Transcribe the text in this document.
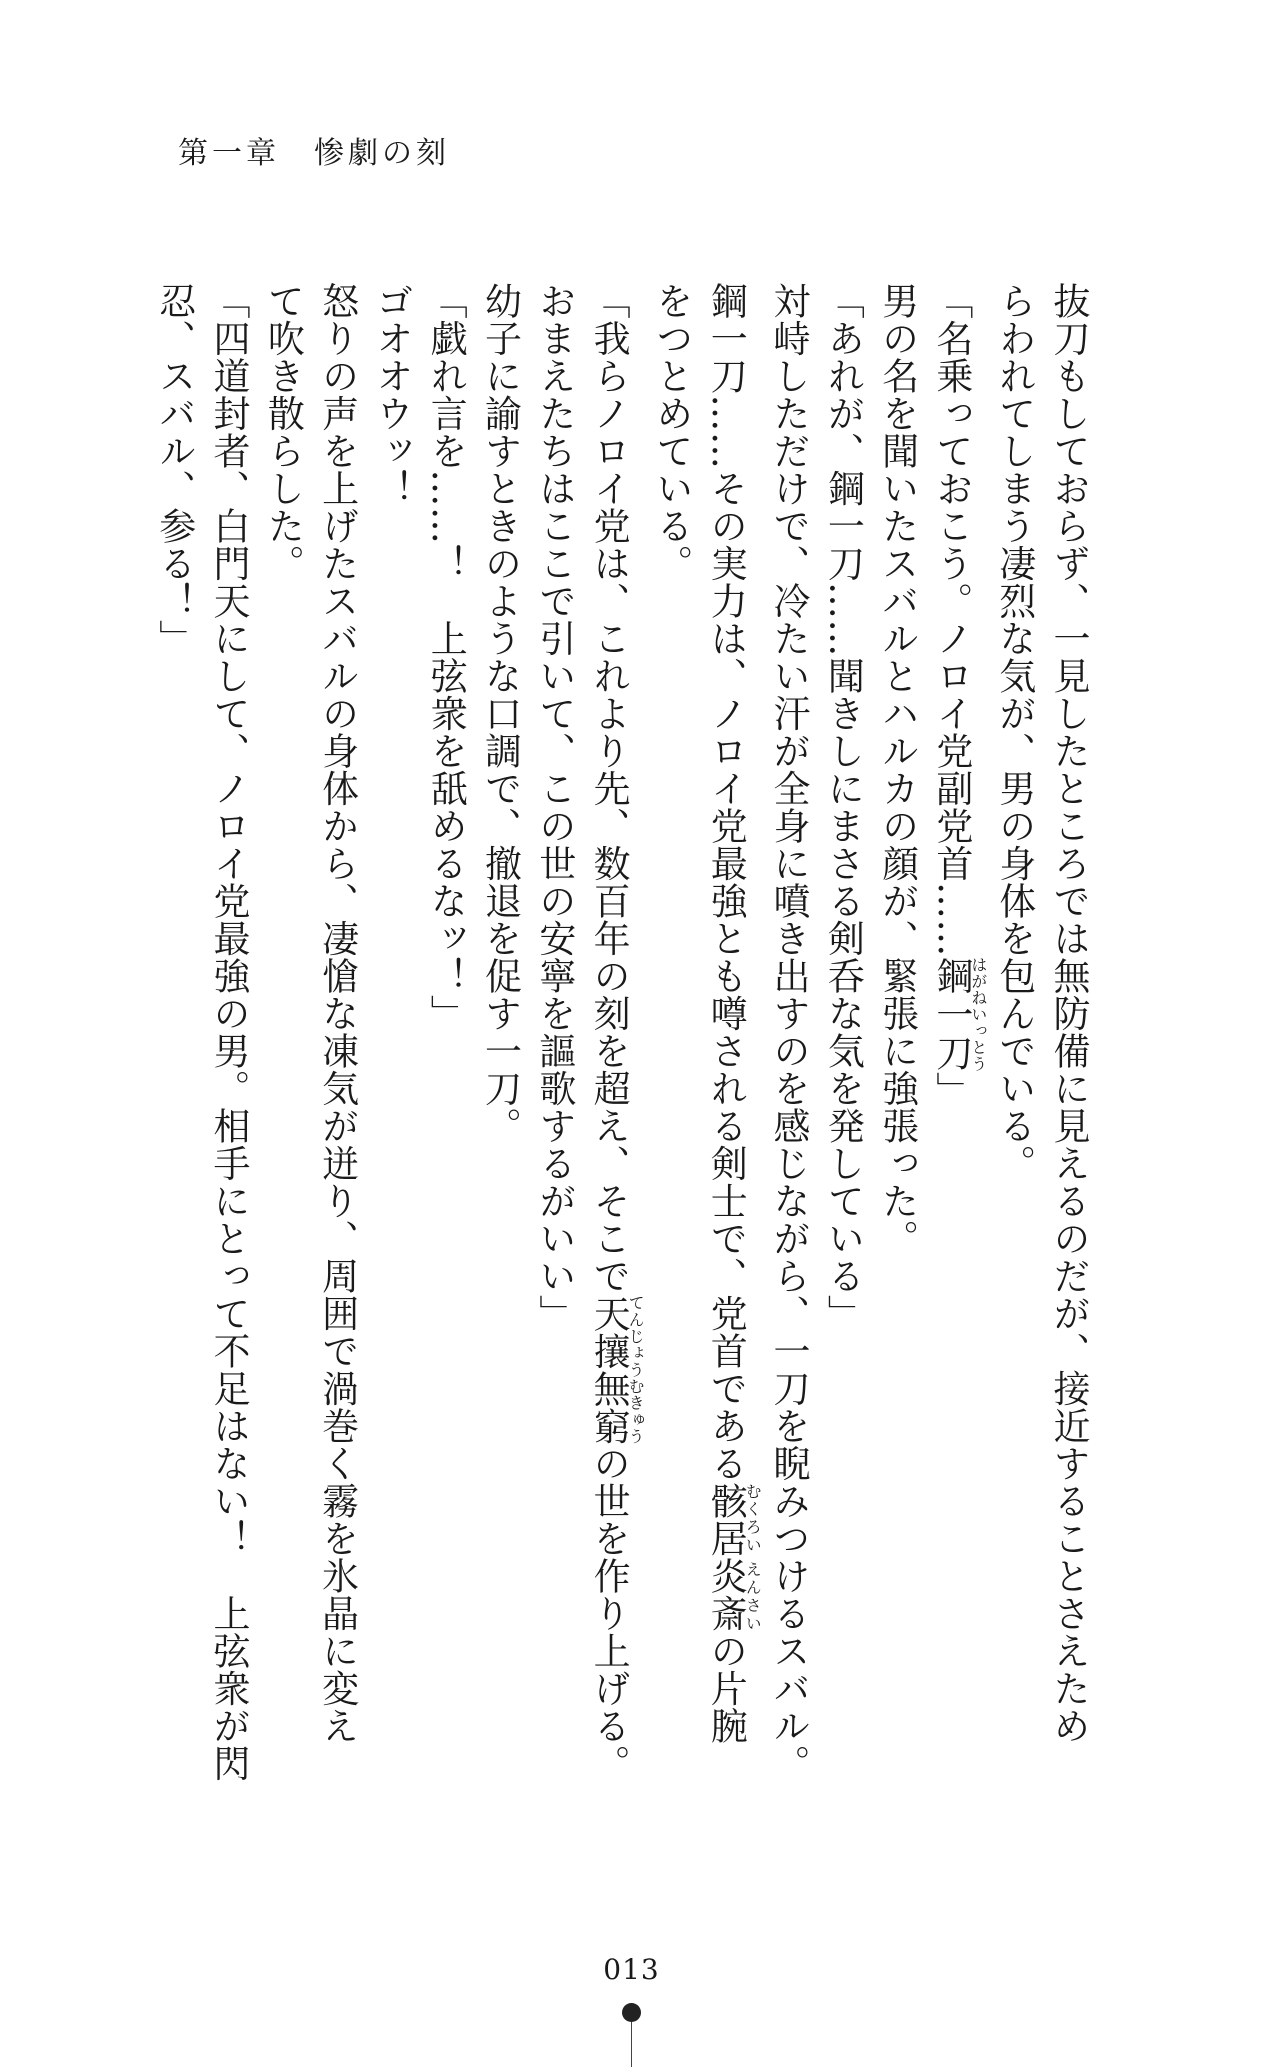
第一章　 惨劇の刻
抜刀もしておらず、一見したところでは無防備に見えるのだが、接近することさえため
らわれてしまう凄烈な気が、男の身体を包んでいる。
「名乗っておこう。ノロイ党副党首……鋼一刀はがねいっとう」
男の名を聞いたスバルとハルカの顔が、緊張に強張った。
「あれが、鋼一刀……聞きしにまさる剣呑な気を発している」
対峙しただけで、冷たい汗が全身に噴き出すのを感じながら、一刀を睨みつけるスバル。
鋼一刀……その実力は、ノロイ党最強とも噂される剣士で、党首である骸居炎斎むくろい えんさいの片腕
をつとめている。
「我らノロイ党は、これより先、数百年の刻を超え、そこで天攘無窮てんじょうむきゅうの世を作り上げる。
おまえたちはここで引いて、この世の安寧を謳歌するがいい」
幼子に諭すときのような口調で、撤退を促す一刀。
「戯れ言を……！　上弦衆を舐めるなッ！」
ゴオオウッ！
怒りの声を上げたスバルの身体から、凄愴な凍気が迸り、周囲で渦巻く霧を氷晶に変え
て吹き散らした。
「四道封者、白門天にして、ノロイ党最強の男。相手にとって不足はない！　上弦衆が閃
忍、スバル、参る！」
013
